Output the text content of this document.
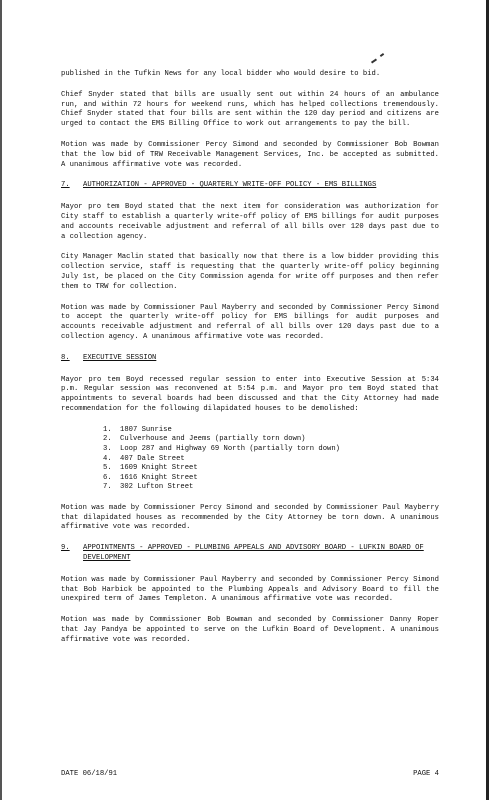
published in the Tufkin News for any local bidder who would desire to bid.

Chief Snyder stated that bills are usually sent out within 24 hours of an ambulance run, and within 72 hours for weekend runs, which has helped collections tremendously. Chief Snyder stated that four bills are sent within the 120 day period and citizens are urged to contact the EMS Billing Office to work out arrangements to pay the bill.

Motion was made by Commissioner Percy Simond and seconded by Commissioner Bob Bowman that the low bid of TRW Receivable Management Services, Inc. be accepted as submitted. A unanimous affirmative vote was recorded.

7.	AUTHORIZATION - APPROVED - QUARTERLY WRITE-OFF POLICY - EMS BILLINGS

Mayor pro tem Boyd stated that the next item for consideration was authorization for City staff to establish a quarterly write-off policy of EMS billings for audit purposes and accounts receivable adjustment and referral of all bills over 120 days past due to a collection agency.

City Manager Maclin stated that basically now that there is a low bidder providing this collection service, staff is requesting that the quarterly write-off policy beginning July 1st, be placed on the City Commission agenda for write off purposes and then refer them to TRW for collection.

Motion was made by Commissioner Paul Mayberry and seconded by Commissioner Percy Simond to accept the quarterly write-off policy for EMS billings for audit purposes and accounts receivable adjustment and referral of all bills over 120 days past due to a collection agency. A unanimous affirmative vote was recorded.

8.	EXECUTIVE SESSION

Mayor pro tem Boyd recessed regular session to enter into Executive Session at 5:34 p.m. Regular session was reconvened at 5:54 p.m. and Mayor pro tem Boyd stated that appointments to several boards had been discussed and that the City Attorney had made recommendation for the following dilapidated houses to be demolished:

1.	1807 Sunrise
2.	Culverhouse and Jeems (partially torn down)
3.	Loop 287 and Highway 69 North (partially torn down)
4.	407 Dale Street
5.	1609 Knight Street
6.	1616 Knight Street
7.	302 Lufton Street

Motion was made by Commissioner Percy Simond and seconded by Commissioner Paul Mayberry that dilapidated houses as recommended by the City Attorney be torn down. A unanimous affirmative vote was recorded.

9.	APPOINTMENTS - APPROVED - PLUMBING APPEALS AND ADVISORY BOARD - LUFKIN BOARD OF DEVELOPMENT

Motion was made by Commissioner Paul Mayberry and seconded by Commissioner Percy Simond that Bob Harbick be appointed to the Plumbing Appeals and Advisory Board to fill the unexpired term of James Templeton. A unanimous affirmative vote was recorded.

Motion was made by Commissioner Bob Bowman and seconded by Commissioner Danny Roper that Jay Pandya be appointed to serve on the Lufkin Board of Development. A unanimous affirmative vote was recorded.

DATE 06/18/91	PAGE 4
